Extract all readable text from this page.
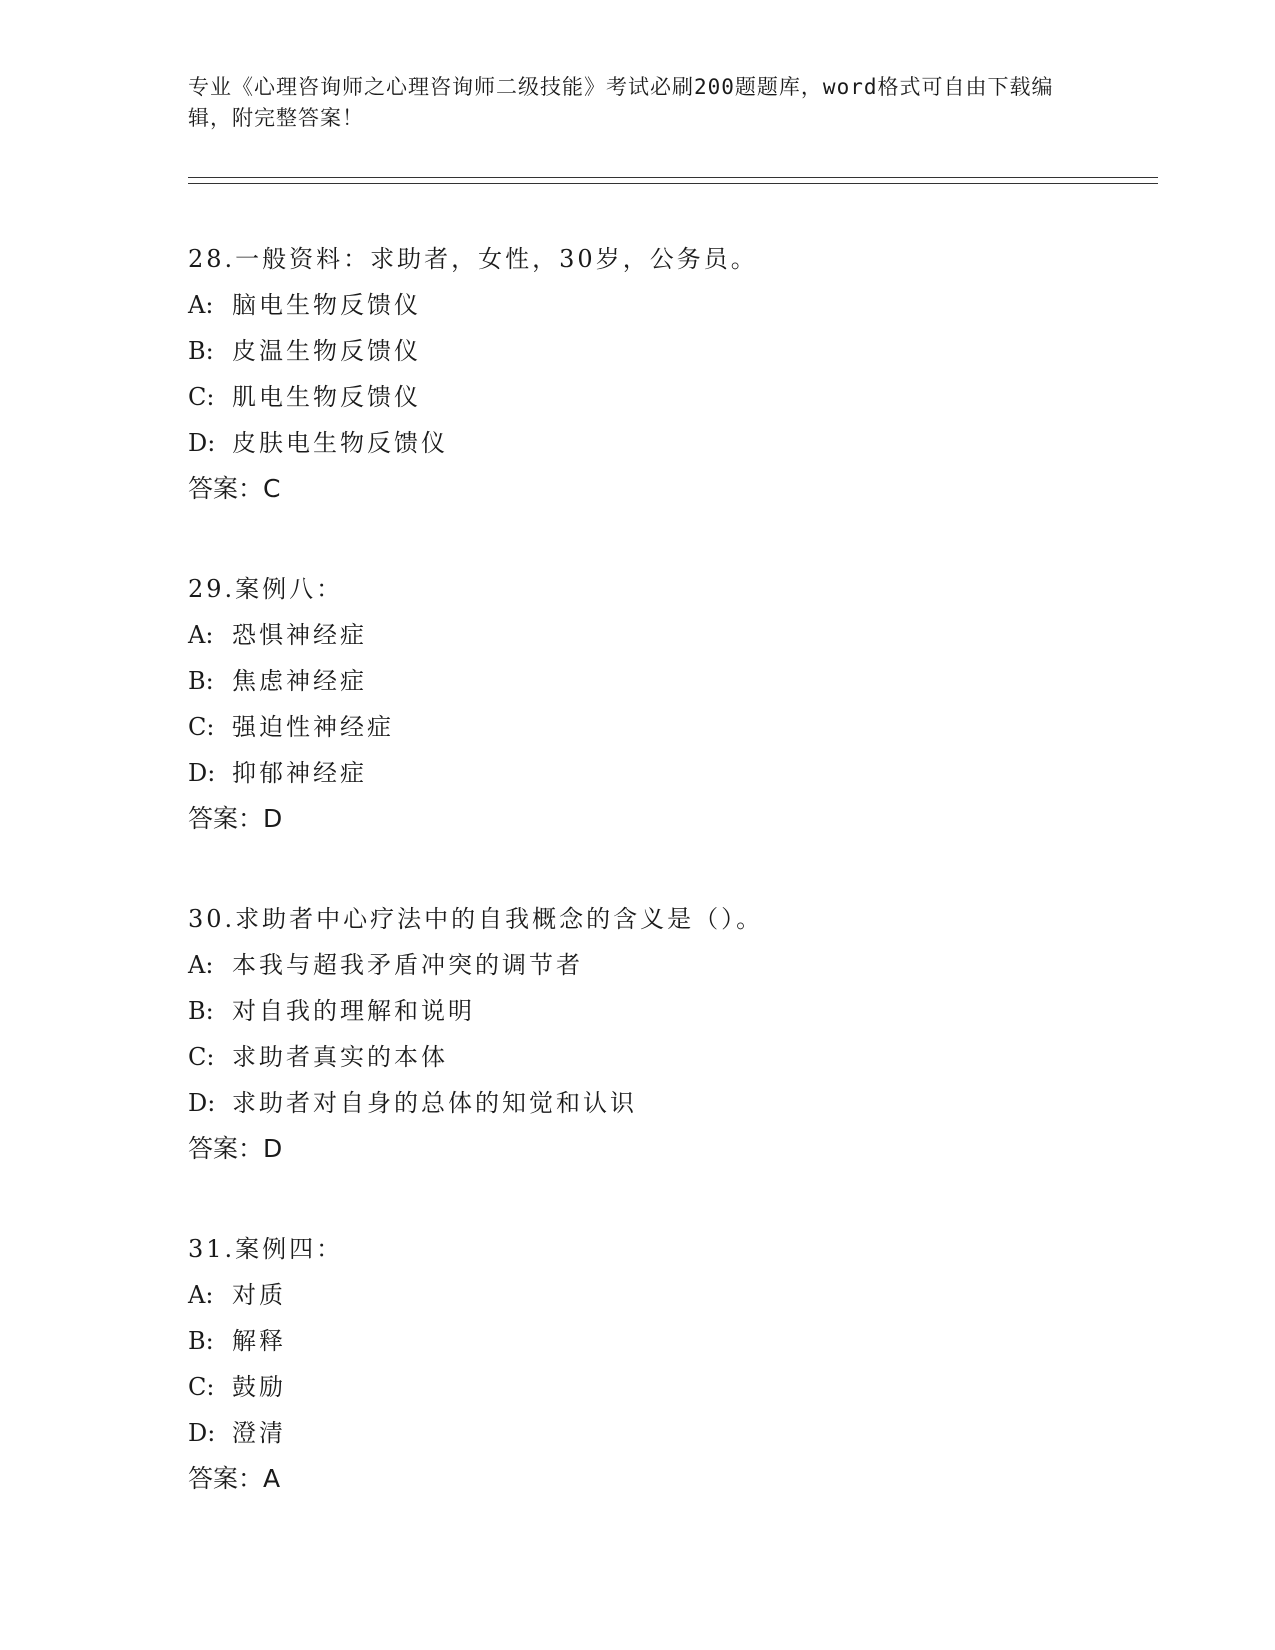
专业《心理咨询师之心理咨询师二级技能》考试必刷200题题库，word格式可自由下载编辑，附完整答案！
28.一般资料：求助者，女性，30岁，公务员。
A: 脑电生物反馈仪
B: 皮温生物反馈仪
C: 肌电生物反馈仪
D: 皮肤电生物反馈仪
答案：C
29.案例八：
A: 恐惧神经症
B: 焦虑神经症
C: 强迫性神经症
D: 抑郁神经症
答案：D
30.求助者中心疗法中的自我概念的含义是（）。
A: 本我与超我矛盾冲突的调节者
B: 对自我的理解和说明
C: 求助者真实的本体
D: 求助者对自身的总体的知觉和认识
答案：D
31.案例四：
A: 对质
B: 解释
C: 鼓励
D: 澄清
答案：A
